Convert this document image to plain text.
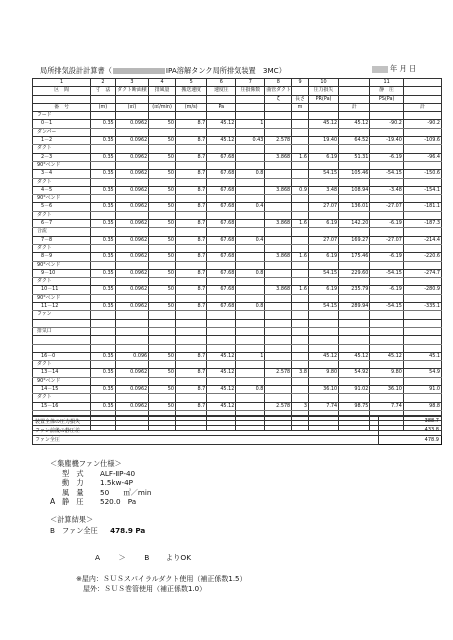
局所排気設計計算書（	IPA溶解タンク局所排気装置　3MC）	年 月 日
1	2	3	4	5	6	7	8	9	10		11	
区　間	寸　法	ダクト断面積	排風量	搬送速度	速度圧	圧損係数	曲管ダクト		圧力損失		静　圧	
							ζ	長さ	PR(Pa)		PS(Pa)	
番　号	(m)	(㎡)	(㎥/min)	(m/s)	Pa			m		計		計
フード												
0－1	0.35	0.0962	50	8.7	45.12	1			45.12	45.12	-90.2	-90.2
ダンパー												
1－2	0.35	0.0962	50	8.7	45.12	0.43	2.578		19.40	64.52	-19.40	-109.6
ダクト												
2－3	0.35	0.0962	50	8.7	67.68		3.868	1.6	6.19	51.31	-6.19	-96.4
90°ベンド												
3－4	0.35	0.0962	50	8.7	67.68	0.8			54.15	105.46	-54.15	-150.6
ダクト												
4－5	0.35	0.0962	50	8.7	67.68		3.868	0.9	3.48	108.94	-3.48	-154.1
90°ベンド												
5－6	0.35	0.0962	50	8.7	67.68	0.4			27.07	136.01	-27.07	-181.1
ダクト												
6－7	0.35	0.0962	50	8.7	67.68		3.868	1.6	6.19	142.20	-6.19	-187.3
合流												
7－8	0.35	0.0962	50	8.7	67.68	0.4			27.07	169.27	-27.07	-214.4
ダクト												
8－9	0.35	0.0962	50	8.7	67.68		3.868	1.6	6.19	175.46	-6.19	-220.6
90°ベンド												
9－10	0.35	0.0962	50	8.7	67.68	0.8			54.15	229.60	-54.15	-274.7
ダクト												
10－11	0.35	0.0962	50	8.7	67.68		3.868	1.6	6.19	235.79	-6.19	-280.9
90°ベンド												
11－12	0.35	0.0962	50	8.7	67.68	0.8			54.15	289.94	-54.15	-335.1
ファン												

排気口												

16－0	0.35	0.096	50	8.7	45.12	1			45.12	45.12	45.12	45.1
ダクト												
13－14	0.35	0.0962	50	8.7	45.12		2.578	3.8	9.80	54.92	9.80	54.9
90°ベンド												
14－15	0.35	0.0962	50	8.7	45.12	0.8			36.10	91.02	36.10	91.0
ダクト												
15－16	0.35	0.0962	50	8.7	45.12		2.578	3	7.74	98.75	7.74	98.8

装置全体の圧力損失	388.7
ファン前後の静圧差	433.8
ファン全圧	478.9
＜集塵機ファン仕様＞
型　式	ALF-ⅡP-40
動　力	1.5kw-4P
風　量	50　　㎥／min
A 静　圧	520.0　Pa
＜計算結果＞
B ファン全圧 478.9 Pa
A ＞ B よりOK
※屋内：ＳＵＳスパイラルダクト使用（補正係数1.5）
　屋外：ＳＵＳ巻管使用（補正係数1.0）
